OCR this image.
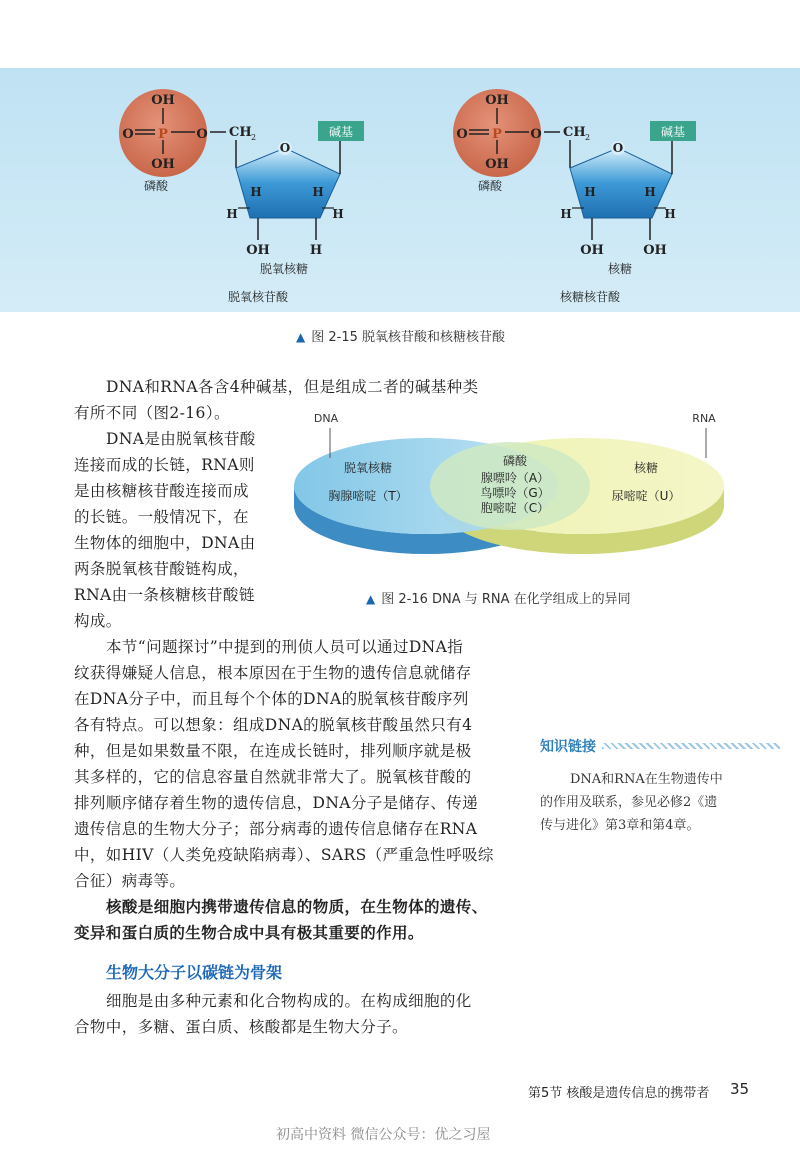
OH
O P O
OH
磷酸
CH 2
O
碱基
H	H
H	H
OH	H
脱氧核糖
脱氧核苷酸
OH
O P O
OH
磷酸
CH 2
O
碱基
H	H
H	H
OH	OH
核糖
核糖核苷酸
▲ 图 2-15 脱氧核苷酸和核糖核苷酸
DNA	RNA
脱氧核糖
胸腺嘧啶（T）
磷酸
腺嘌呤（A）
鸟嘌呤（G）
胞嘧啶（C）
核糖
尿嘧啶（U）
▲ 图 2-16 DNA 与 RNA 在化学组成上的异同
DNA和RNA各含4种碱基，但是组成二者的碱基种类
有所不同（图2-16）。
DNA是由脱氧核苷酸
连接而成的长链，RNA则
是由核糖核苷酸连接而成
的长链。一般情况下，在
生物体的细胞中，DNA由
两条脱氧核苷酸链构成，
RNA由一条核糖核苷酸链
构成。
本节“问题探讨”中提到的刑侦人员可以通过DNA指
纹获得嫌疑人信息，根本原因在于生物的遗传信息就储存
在DNA分子中，而且每个个体的DNA的脱氧核苷酸序列
各有特点。可以想象：组成DNA的脱氧核苷酸虽然只有4
种，但是如果数量不限，在连成长链时，排列顺序就是极
其多样的，它的信息容量自然就非常大了。脱氧核苷酸的
排列顺序储存着生物的遗传信息，DNA分子是储存、传递
遗传信息的生物大分子；部分病毒的遗传信息储存在RNA
中，如HIV（人类免疫缺陷病毒）、SARS（严重急性呼吸综
合征）病毒等。
核酸是细胞内携带遗传信息的物质，在生物体的遗传、
变异和蛋白质的生物合成中具有极其重要的作用。
生物大分子以碳链为骨架
细胞是由多种元素和化合物构成的。在构成细胞的化
合物中，多糖、蛋白质、核酸都是生物大分子。
知识链接
DNA和RNA在生物遗传中
的作用及联系，参见必修2《遗
传与进化》第3章和第4章。
第5节 核酸是遗传信息的携带者 35
初高中资料 微信公众号：优之习屋
